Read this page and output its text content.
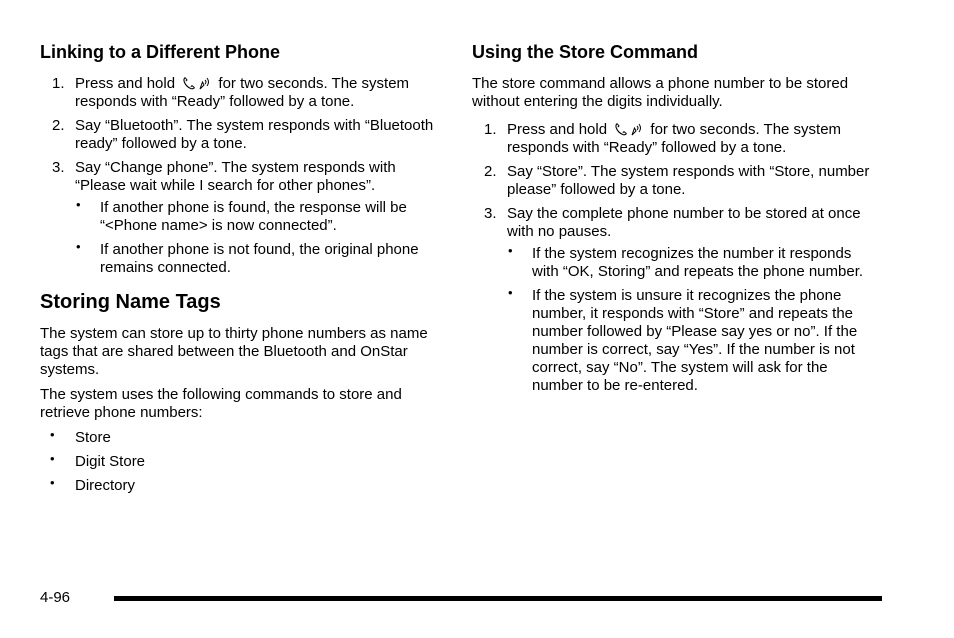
Linking to a Different Phone
1. Press and hold	for two seconds. The system responds with “Ready” followed by a tone.
2. Say “Bluetooth”. The system responds with “Bluetooth ready” followed by a tone.
3. Say “Change phone”. The system responds with “Please wait while I search for other phones”.
• If another phone is found, the response will be “<Phone name> is now connected”.
• If another phone is not found, the original phone remains connected.
Storing Name Tags

The system can store up to thirty phone numbers as name tags that are shared between the Bluetooth and OnStar systems.

The system uses the following commands to store and retrieve phone numbers:

• Store
• Digit Store
• Directory
Using the Store Command

The store command allows a phone number to be stored without entering the digits individually.

1. Press and hold	for two seconds. The system responds with “Ready” followed by a tone.
2. Say “Store”. The system responds with “Store, number please” followed by a tone.
3. Say the complete phone number to be stored at once with no pauses.
• If the system recognizes the number it responds with “OK, Storing” and repeats the phone number.
• If the system is unsure it recognizes the phone number, it responds with “Store” and repeats the number followed by “Please say yes or no”. If the number is correct, say “Yes”. If the number is not correct, say “No”. The system will ask for the number to be re-entered.
4-96
